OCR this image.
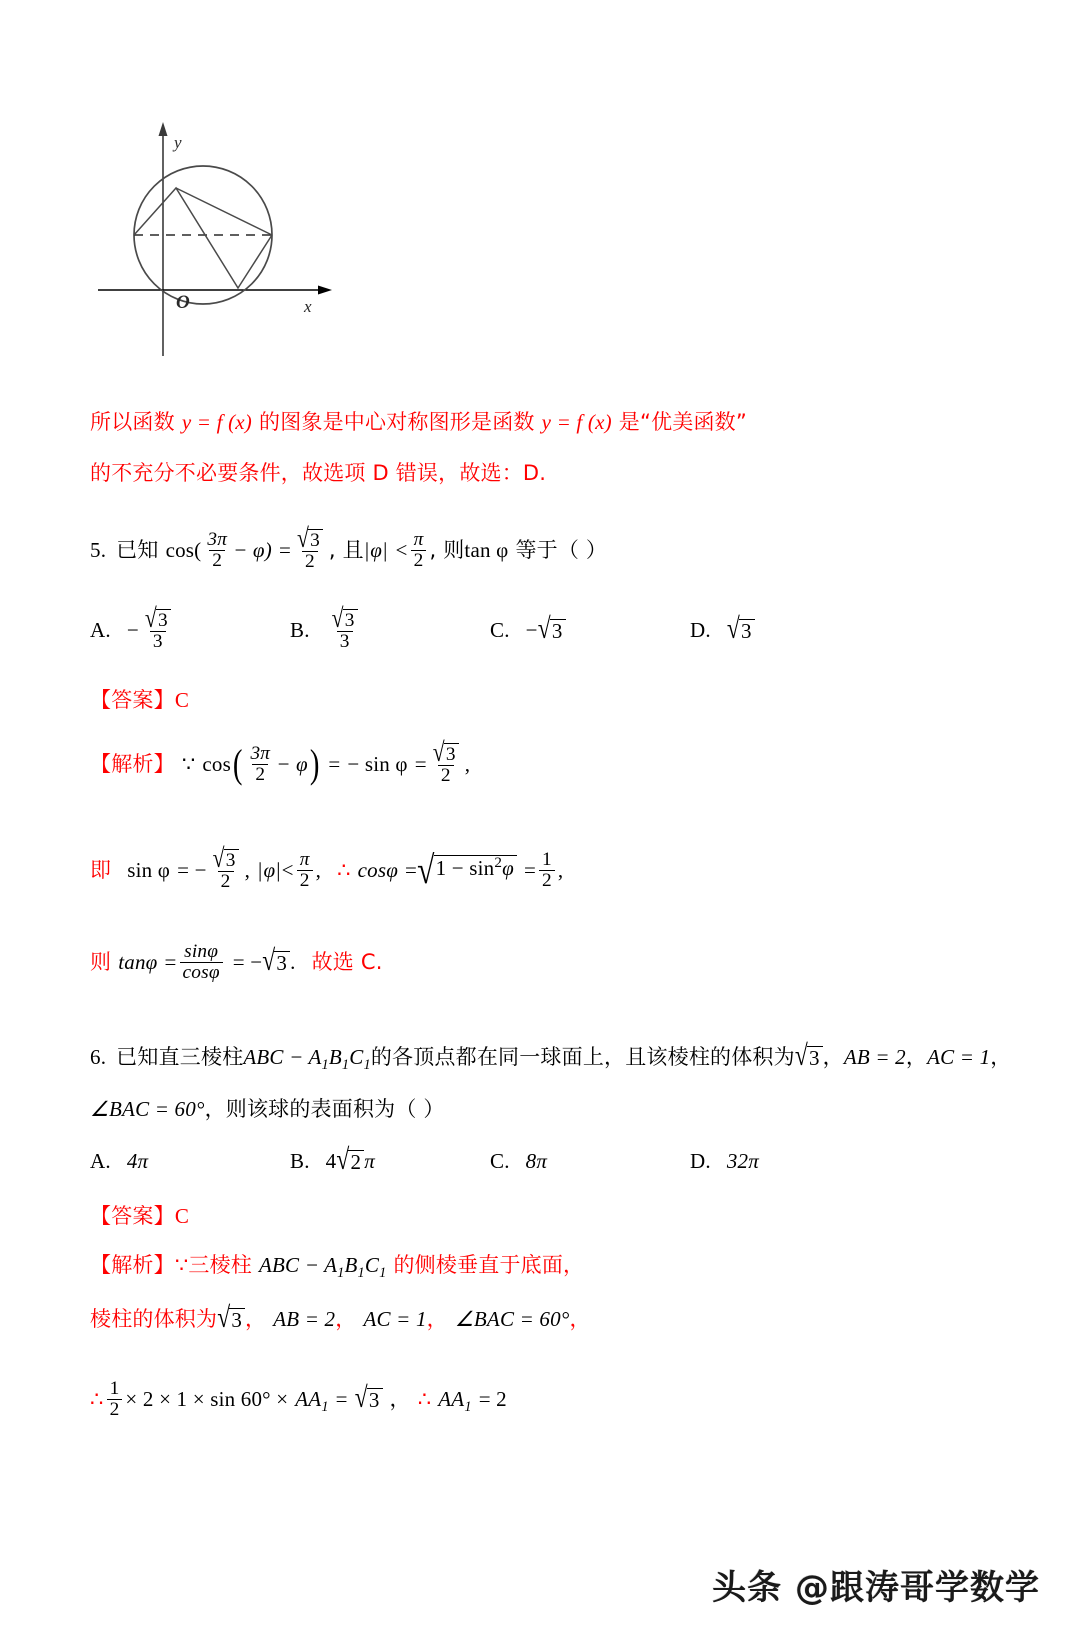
y
x
O
所以函数 y = f (x) 的图象是中心对称图形是函数 y = f (x) 是“优美函数”
的不充分不必要条件，故选项 D 错误，故选：D.
5. 已知 $\cos( \frac{3\pi}{2} - \varphi) = \frac{√ 3}{2}$ , 且 | φ | < $\frac{\pi}{2}$ , 则 tan φ 等于（ ）
A. − $\frac{√ 3}{3}$	B. $\frac{√ 3}{3}$	C. − √ 3	D. √ 3
【答案】 C
【解析】 ∵ cos ( $\frac{3\pi}{2} - \varphi$ ) = − $\sin \varphi = \frac{√ 3}{2}$ ,
即 sin φ = − $\frac{√ 3}{2}$ , | φ | < $\frac{\pi}{2}$ , ∴ cosφ = √ $1 - \sin^2\varphi = \frac{1}{2}$ ,
则 $\tan\varphi = \frac{\sin\varphi}{\cos\varphi}$ = − √ 3 . 故选 C.
6. 已知直三棱柱 ABC − $A_1B_1C_1$ 的各顶点都在同一球面上，且该棱柱的体积为 √ 3 ， AB = 2 ， AC = 1 ，
∠BAC = 60° ，则该球的表面积为（ ）
A. 4π	B. 4 √ 2 π	C. 8π	D. 32π
【答案】 C
【解析】 ∵ 三棱柱 ABC − $A_1B_1C_1$ 的侧棱垂直于底面，
棱柱的体积为 √ 3 ， AB = 2 ， AC = 1 ， ∠BAC = 60° ，
∴ $\frac{1}{2} \times 2 \times 1 \times \sin 60^\circ \times AA_1$ = √ 3 ， ∴ $AA_1 = 2$
头条 @跟涛哥学数学
